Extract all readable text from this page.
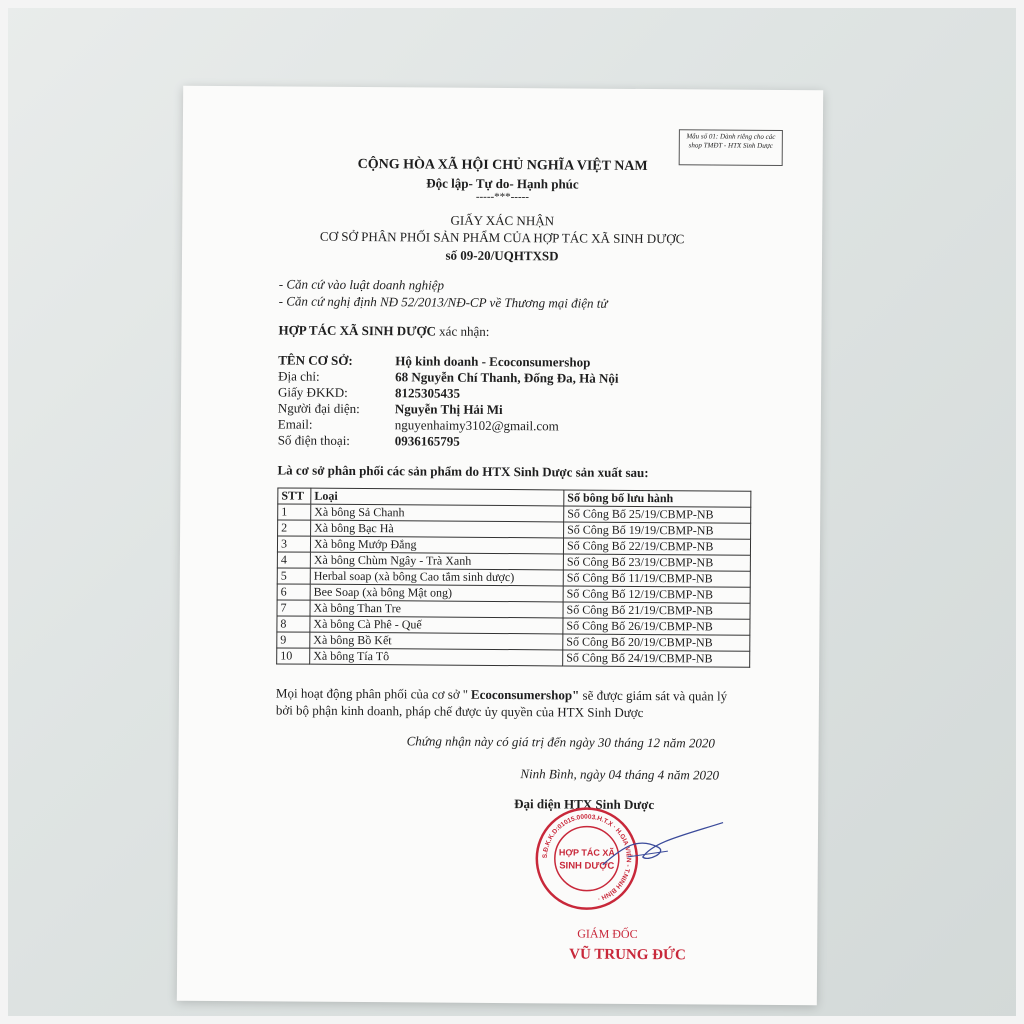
Mẫu số 01: Dành riêng cho các shop TMĐT - HTX Sinh Dược
CỘNG HÒA XÃ HỘI CHỦ NGHĨA VIỆT NAM
Độc lập- Tự do- Hạnh phúc
-----***-----
GIẤY XÁC NHẬN
CƠ SỞ PHÂN PHỐI SẢN PHẨM CỦA HỢP TÁC XÃ SINH DƯỢC
số 09-20/UQHTXSD
- Căn cứ vào luật doanh nghiệp
- Căn cứ nghị định NĐ 52/2013/NĐ-CP về Thương mại điện tử
HỢP TÁC XÃ SINH DƯỢC xác nhận:
TÊN CƠ SỞ:	Hộ kinh doanh - Ecoconsumershop
Địa chỉ:	68 Nguyễn Chí Thanh, Đống Đa, Hà Nội
Giấy ĐKKD:	8125305435
Người đại diện:	Nguyễn Thị Hải Mi
Email:	nguyenhaimy3102@gmail.com
Số điện thoại:	0936165795
Là cơ sở phân phối các sản phẩm do HTX Sinh Dược sản xuất sau:
STT	Loại	Số bông bố lưu hành
1	Xà bông Sả Chanh	Số Công Bố 25/19/CBMP-NB
2	Xà bông Bạc Hà	Số Công Bố 19/19/CBMP-NB
3	Xà bông Mướp Đắng	Số Công Bố 22/19/CBMP-NB
4	Xà bông Chùm Ngây - Trà Xanh	Số Công Bố 23/19/CBMP-NB
5	Herbal soap (xà bông Cao tắm sinh dược)	Số Công Bố 11/19/CBMP-NB
6	Bee Soap (xà bông Mật ong)	Số Công Bố 12/19/CBMP-NB
7	Xà bông Than Tre	Số Công Bố 21/19/CBMP-NB
8	Xà bông Cà Phê - Quế	Số Công Bố 26/19/CBMP-NB
9	Xà bông Bồ Kết	Số Công Bố 20/19/CBMP-NB
10	Xà bông Tía Tô	Số Công Bố 24/19/CBMP-NB
Mọi hoạt động phân phối của cơ sở '' Ecoconsumershop" sẽ được giám sát và quản lý bởi bộ phận kinh doanh, pháp chế được ủy quyền của HTX Sinh Dược
Chứng nhận này có giá trị đến ngày 30 tháng 12 năm 2020
Ninh Bình, ngày 04 tháng 4 năm 2020
Đại diện HTX Sinh Dược
S.Đ.K.K.D:01015.00003.H.T.X · H.GIA VIỄN - T.NINH BÌNH ·
HỢP TÁC XÃ
SINH DƯỢC
GIÁM ĐỐC
VŨ TRUNG ĐỨC
